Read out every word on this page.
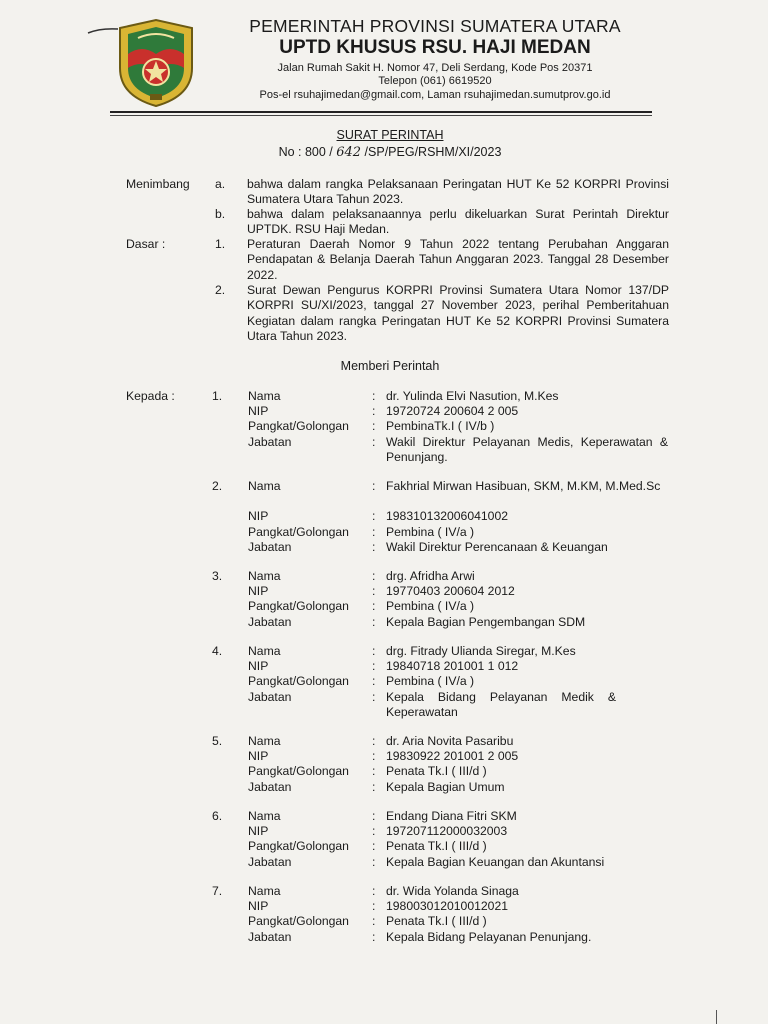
PEMERINTAH PROVINSI SUMATERA UTARA
UPTD KHUSUS RSU. HAJI MEDAN
Jalan Rumah Sakit H. Nomor 47, Deli Serdang, Kode Pos 20371
Telepon (061) 6619520
Pos-el rsuhajimedan@gmail.com, Laman rsuhajimedan.sumutprov.go.id
SURAT PERINTAH
No : 800 / 642 /SP/PEG/RSHM/XI/2023
Menimbang a. bahwa dalam rangka Pelaksanaan Peringatan HUT Ke 52 KORPRI Provinsi Sumatera Utara Tahun 2023.
b. bahwa dalam pelaksanaannya perlu dikeluarkan Surat Perintah Direktur UPTDK. RSU Haji Medan.
Dasar :	1. Peraturan Daerah Nomor 9 Tahun 2022 tentang Perubahan Anggaran Pendapatan & Belanja Daerah Tahun Anggaran 2023. Tanggal 28 Desember 2022.
2. Surat Dewan Pengurus KORPRI Provinsi Sumatera Utara Nomor 137/DP KORPRI SU/XI/2023, tanggal 27 November 2023, perihal Pemberitahuan Kegiatan dalam rangka Peringatan HUT Ke 52 KORPRI Provinsi Sumatera Utara Tahun 2023.
Memberi Perintah
Kepada :	1. Nama	: dr. Yulinda Elvi Nasution, M.Kes
NIP	: 19720724 200604 2 005
Pangkat/Golongan : PembinaTk.I ( IV/b )
Jabatan	: Wakil Direktur Pelayanan Medis, Keperawatan & Penunjang.
2. Nama	: Fakhrial Mirwan Hasibuan, SKM, M.KM, M.Med.Sc
NIP	: 198310132006041002
Pangkat/Golongan : Pembina ( IV/a )
Jabatan	: Wakil Direktur Perencanaan & Keuangan
3. Nama	: drg. Afridha Arwi
NIP	: 19770403 200604 2012
Pangkat/Golongan : Pembina ( IV/a )
Jabatan	: Kepala Bagian Pengembangan SDM
4. Nama	: drg. Fitrady Ulianda Siregar, M.Kes
NIP	: 19840718 201001 1 012
Pangkat/Golongan : Pembina ( IV/a )
Jabatan	: Kepala Bidang Pelayanan Medik & Keperawatan
5. Nama	: dr. Aria Novita Pasaribu
NIP	: 19830922 201001 2 005
Pangkat/Golongan : Penata Tk.I ( III/d )
Jabatan	: Kepala Bagian Umum
6. Nama	: Endang Diana Fitri SKM
NIP	: 197207112000032003
Pangkat/Golongan : Penata Tk.I ( III/d )
Jabatan	: Kepala Bagian Keuangan dan Akuntansi
7. Nama	: dr. Wida Yolanda Sinaga
NIP	: 198003012010012021
Pangkat/Golongan : Penata Tk.I ( III/d )
Jabatan	: Kepala Bidang Pelayanan Penunjang.
